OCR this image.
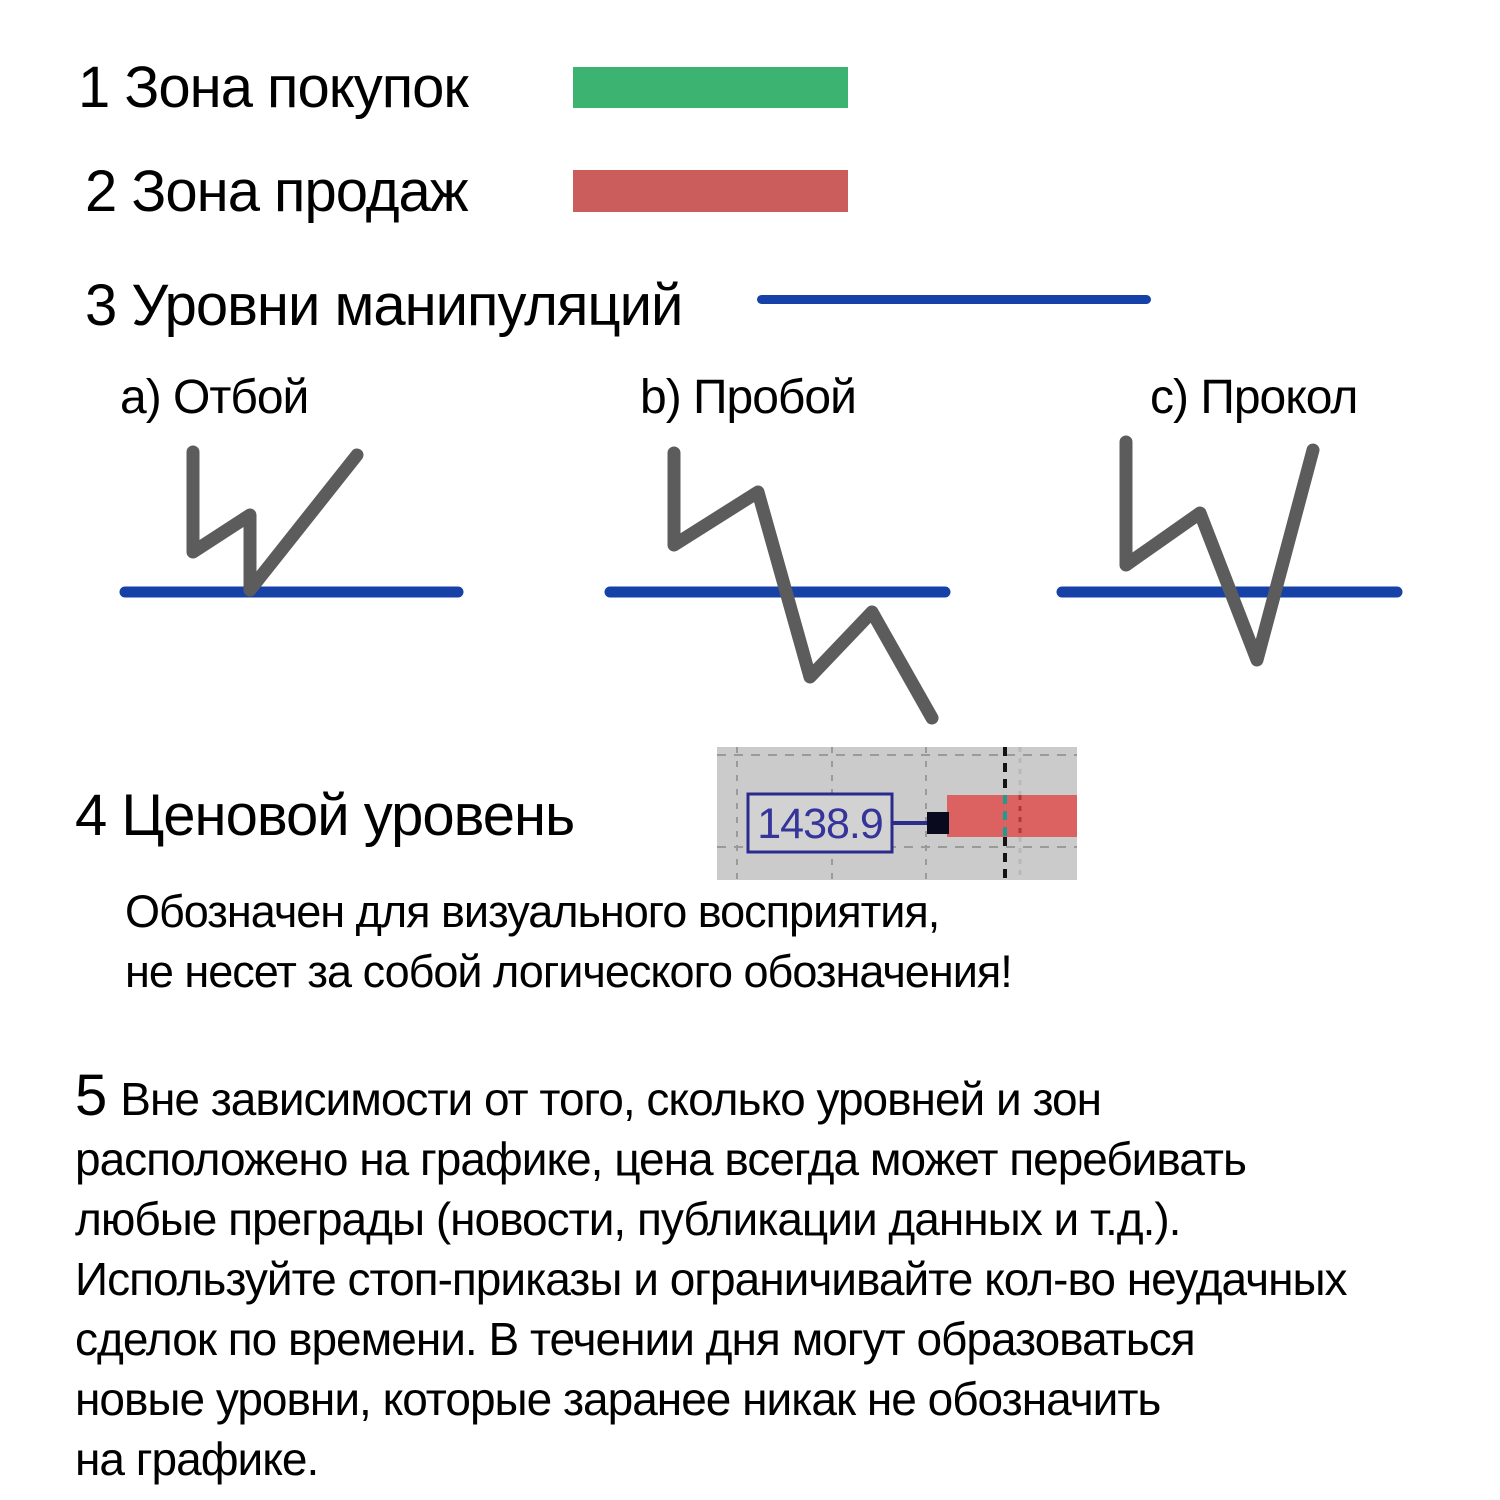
1 Зона покупок
2 Зона продаж
3 Уровни манипуляций
a) Отбой	b) Пробой	c) Прокол
4 Ценовой уровень	1438.9
Обозначен для визуального восприятия,
не несет за собой логического обозначения!
5 Вне зависимости от того, сколько уровней и зон
расположено на графике, цена всегда может перебивать
любые преграды (новости, публикации данных и т.д.).
Используйте стоп-приказы и ограничивайте кол-во неудачных
сделок по времени. В течении дня могут образоваться
новые уровни, которые заранее никак не обозначить
на графике.
